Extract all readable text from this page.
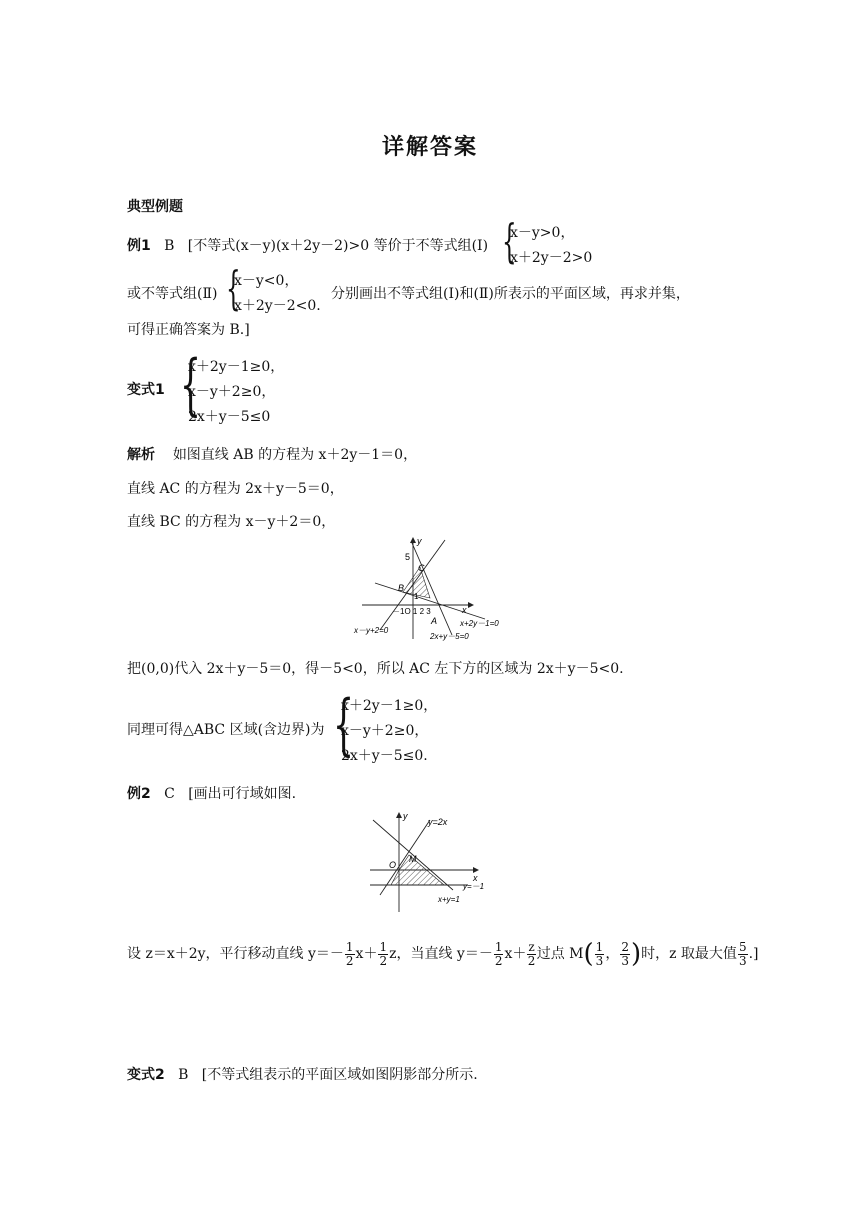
详解答案
典型例题
例1 B [不等式(x－y)(x＋2y－2)>0 等价于不等式组(Ⅰ) {
x－y>0，
x＋2y－2>0
或不等式组(Ⅱ) {
x－y<0，
x＋2y－2<0.
分别画出不等式组(Ⅰ)和(Ⅱ)所表示的平面区域，再求并集，
可得正确答案为 B.]
变式1 {
x＋2y－1≥0，
x－y＋2≥0，
2x＋y－5≤0
解析 如图直线 AB 的方程为 x＋2y－1＝0，
直线 AC 的方程为 2x＋y－5＝0，
直线 BC 的方程为 x－y＋2＝0，
y
x
5
C
B
1
－1O 1 2 3
A
x－y+2=0
x+2y－1=0
2x+y－5=0
把(0,0)代入 2x＋y－5＝0，得－5<0，所以 AC 左下方的区域为 2x＋y－5<0.
同理可得△ABC 区域(含边界)为 {
x＋2y－1≥0，
x－y＋2≥0，
2x＋y－5≤0.
例2 C [画出可行域如图.
y
y=2x
M
O
x
y=－1
x+y=1
设 z＝x＋2y，平行移动直线 $y=- \frac{1}{2} x+ \frac{1}{2}$ z，当直线 $y=- \frac{1}{2} x+ \frac{z}{2}$ 过点 $M( \frac{1}{3}$ ， $\frac{2}{3}$ )时，z 取最大值 $\frac{5}{3}$ .]
变式2 B [不等式组表示的平面区域如图阴影部分所示.
